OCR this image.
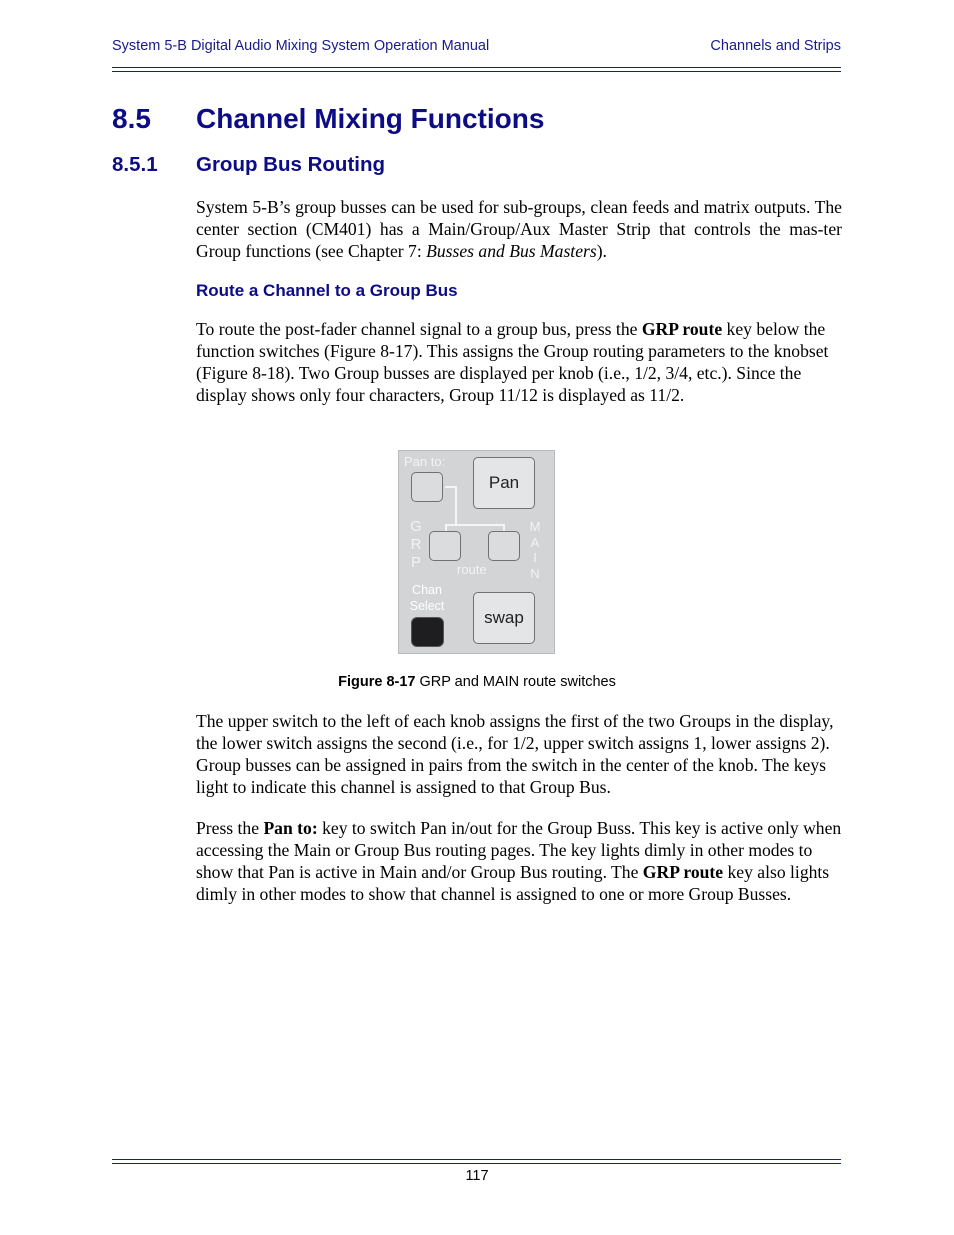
System 5-B Digital Audio Mixing System Operation Manual	Channels and Strips
8.5 Channel Mixing Functions
8.5.1 Group Bus Routing

System 5-B’s group busses can be used for sub-groups, clean feeds and matrix outputs. The center section (CM401) has a Main/Group/Aux Master Strip that controls the mas-ter Group functions (see Chapter 7: Busses and Bus Masters).

Route a Channel to a Group Bus

To route the post-fader channel signal to a group bus, press the GRP route key below the function switches (Figure 8-17). This assigns the Group routing parameters to the knobset (Figure 8-18). Two Group busses are displayed per knob (i.e., 1/2, 3/4, etc.). Since the display shows only four characters, Group 11/12 is displayed as 11/2.

Pan to:
Pan
G
R
P
M
A
I
N
route
Chan
Select
swap
Figure 8-17 GRP and MAIN route switches

The upper switch to the left of each knob assigns the first of the two Groups in the display, the lower switch assigns the second (i.e., for 1/2, upper switch assigns 1, lower assigns 2). Group busses can be assigned in pairs from the switch in the center of the knob. The keys light to indicate this channel is assigned to that Group Bus.

Press the Pan to: key to switch Pan in/out for the Group Buss. This key is active only when accessing the Main or Group Bus routing pages. The key lights dimly in other modes to show that Pan is active in Main and/or Group Bus routing. The GRP route key also lights dimly in other modes to show that channel is assigned to one or more Group Busses.

117
